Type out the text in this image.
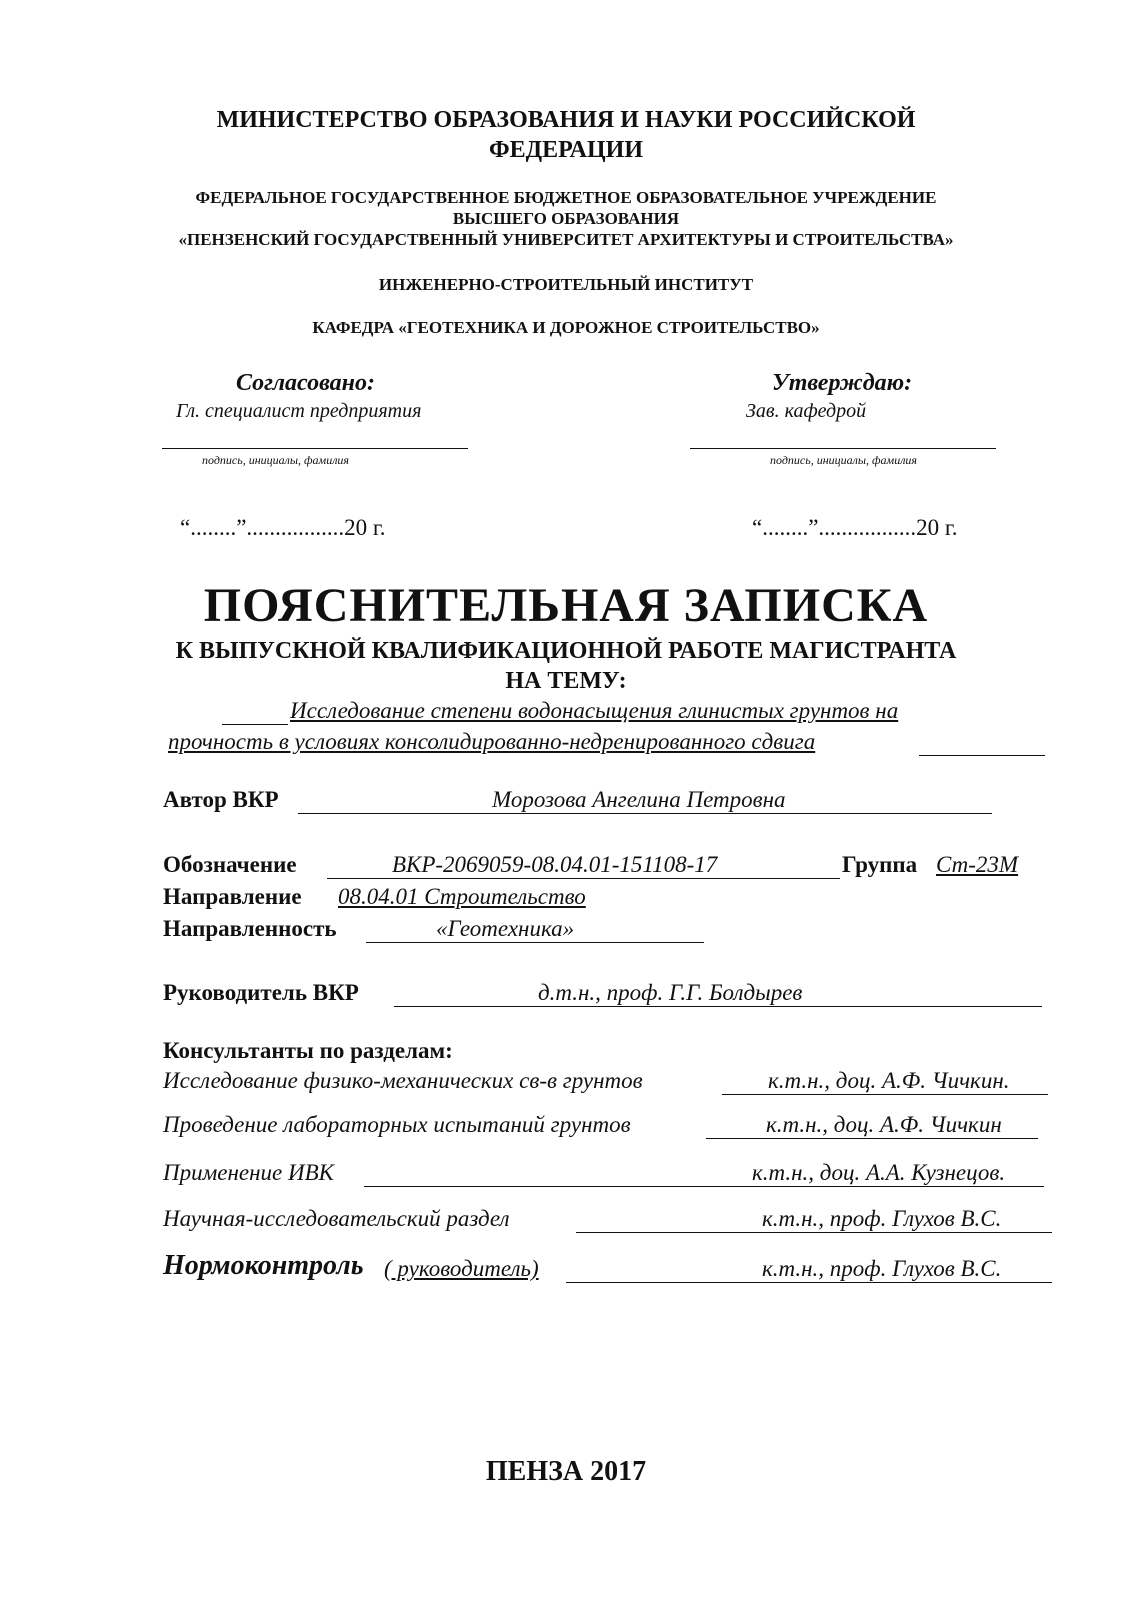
МИНИСТЕРСТВО ОБРАЗОВАНИЯ И НАУКИ РОССИЙСКОЙ
ФЕДЕРАЦИИ
ФЕДЕРАЛЬНОЕ ГОСУДАРСТВЕННОЕ БЮДЖЕТНОЕ ОБРАЗОВАТЕЛЬНОЕ УЧРЕЖДЕНИЕ
ВЫСШЕГО ОБРАЗОВАНИЯ
«ПЕНЗЕНСКИЙ ГОСУДАРСТВЕННЫЙ УНИВЕРСИТЕТ АРХИТЕКТУРЫ И СТРОИТЕЛЬСТВА»
ИНЖЕНЕРНО-СТРОИТЕЛЬНЫЙ ИНСТИТУТ
КАФЕДРА «ГЕОТЕХНИКА И ДОРОЖНОЕ СТРОИТЕЛЬСТВО»
Согласовано:
Гл. специалист предприятия
подпись, инициалы, фамилия
“........”.................20 г.
Утверждаю:
Зав. кафедрой
подпись, инициалы, фамилия
“........”.................20 г.
ПОЯСНИТЕЛЬНАЯ ЗАПИСКА
К ВЫПУСКНОЙ КВАЛИФИКАЦИОННОЙ РАБОТЕ МАГИСТРАНТА
НА ТЕМУ:
Исследование степени водонасыщения глинистых грунтов на
прочность в условиях консолидированно-недренированного сдвига
Автор ВКР	Морозова Ангелина Петровна
Обозначение	ВКР-2069059-08.04.01-151108-17	Группа Ст-23М
Направление 08.04.01 Строительство
Направленность	«Геотехника»
Руководитель ВКР	д.т.н., проф. Г.Г. Болдырев
Консультанты по разделам:
Исследование физико-механических св-в грунтов	к.т.н., доц. А.Ф. Чичкин.
Проведение лабораторных испытаний грунтов	к.т.н., доц. А.Ф. Чичкин
Применение ИВК	к.т.н., доц. А.А. Кузнецов.
Научная-исследовательский раздел	к.т.н., проф. Глухов В.С.
Нормоконтроль ( руководитель)	к.т.н., проф. Глухов В.С.
ПЕНЗА 2017
